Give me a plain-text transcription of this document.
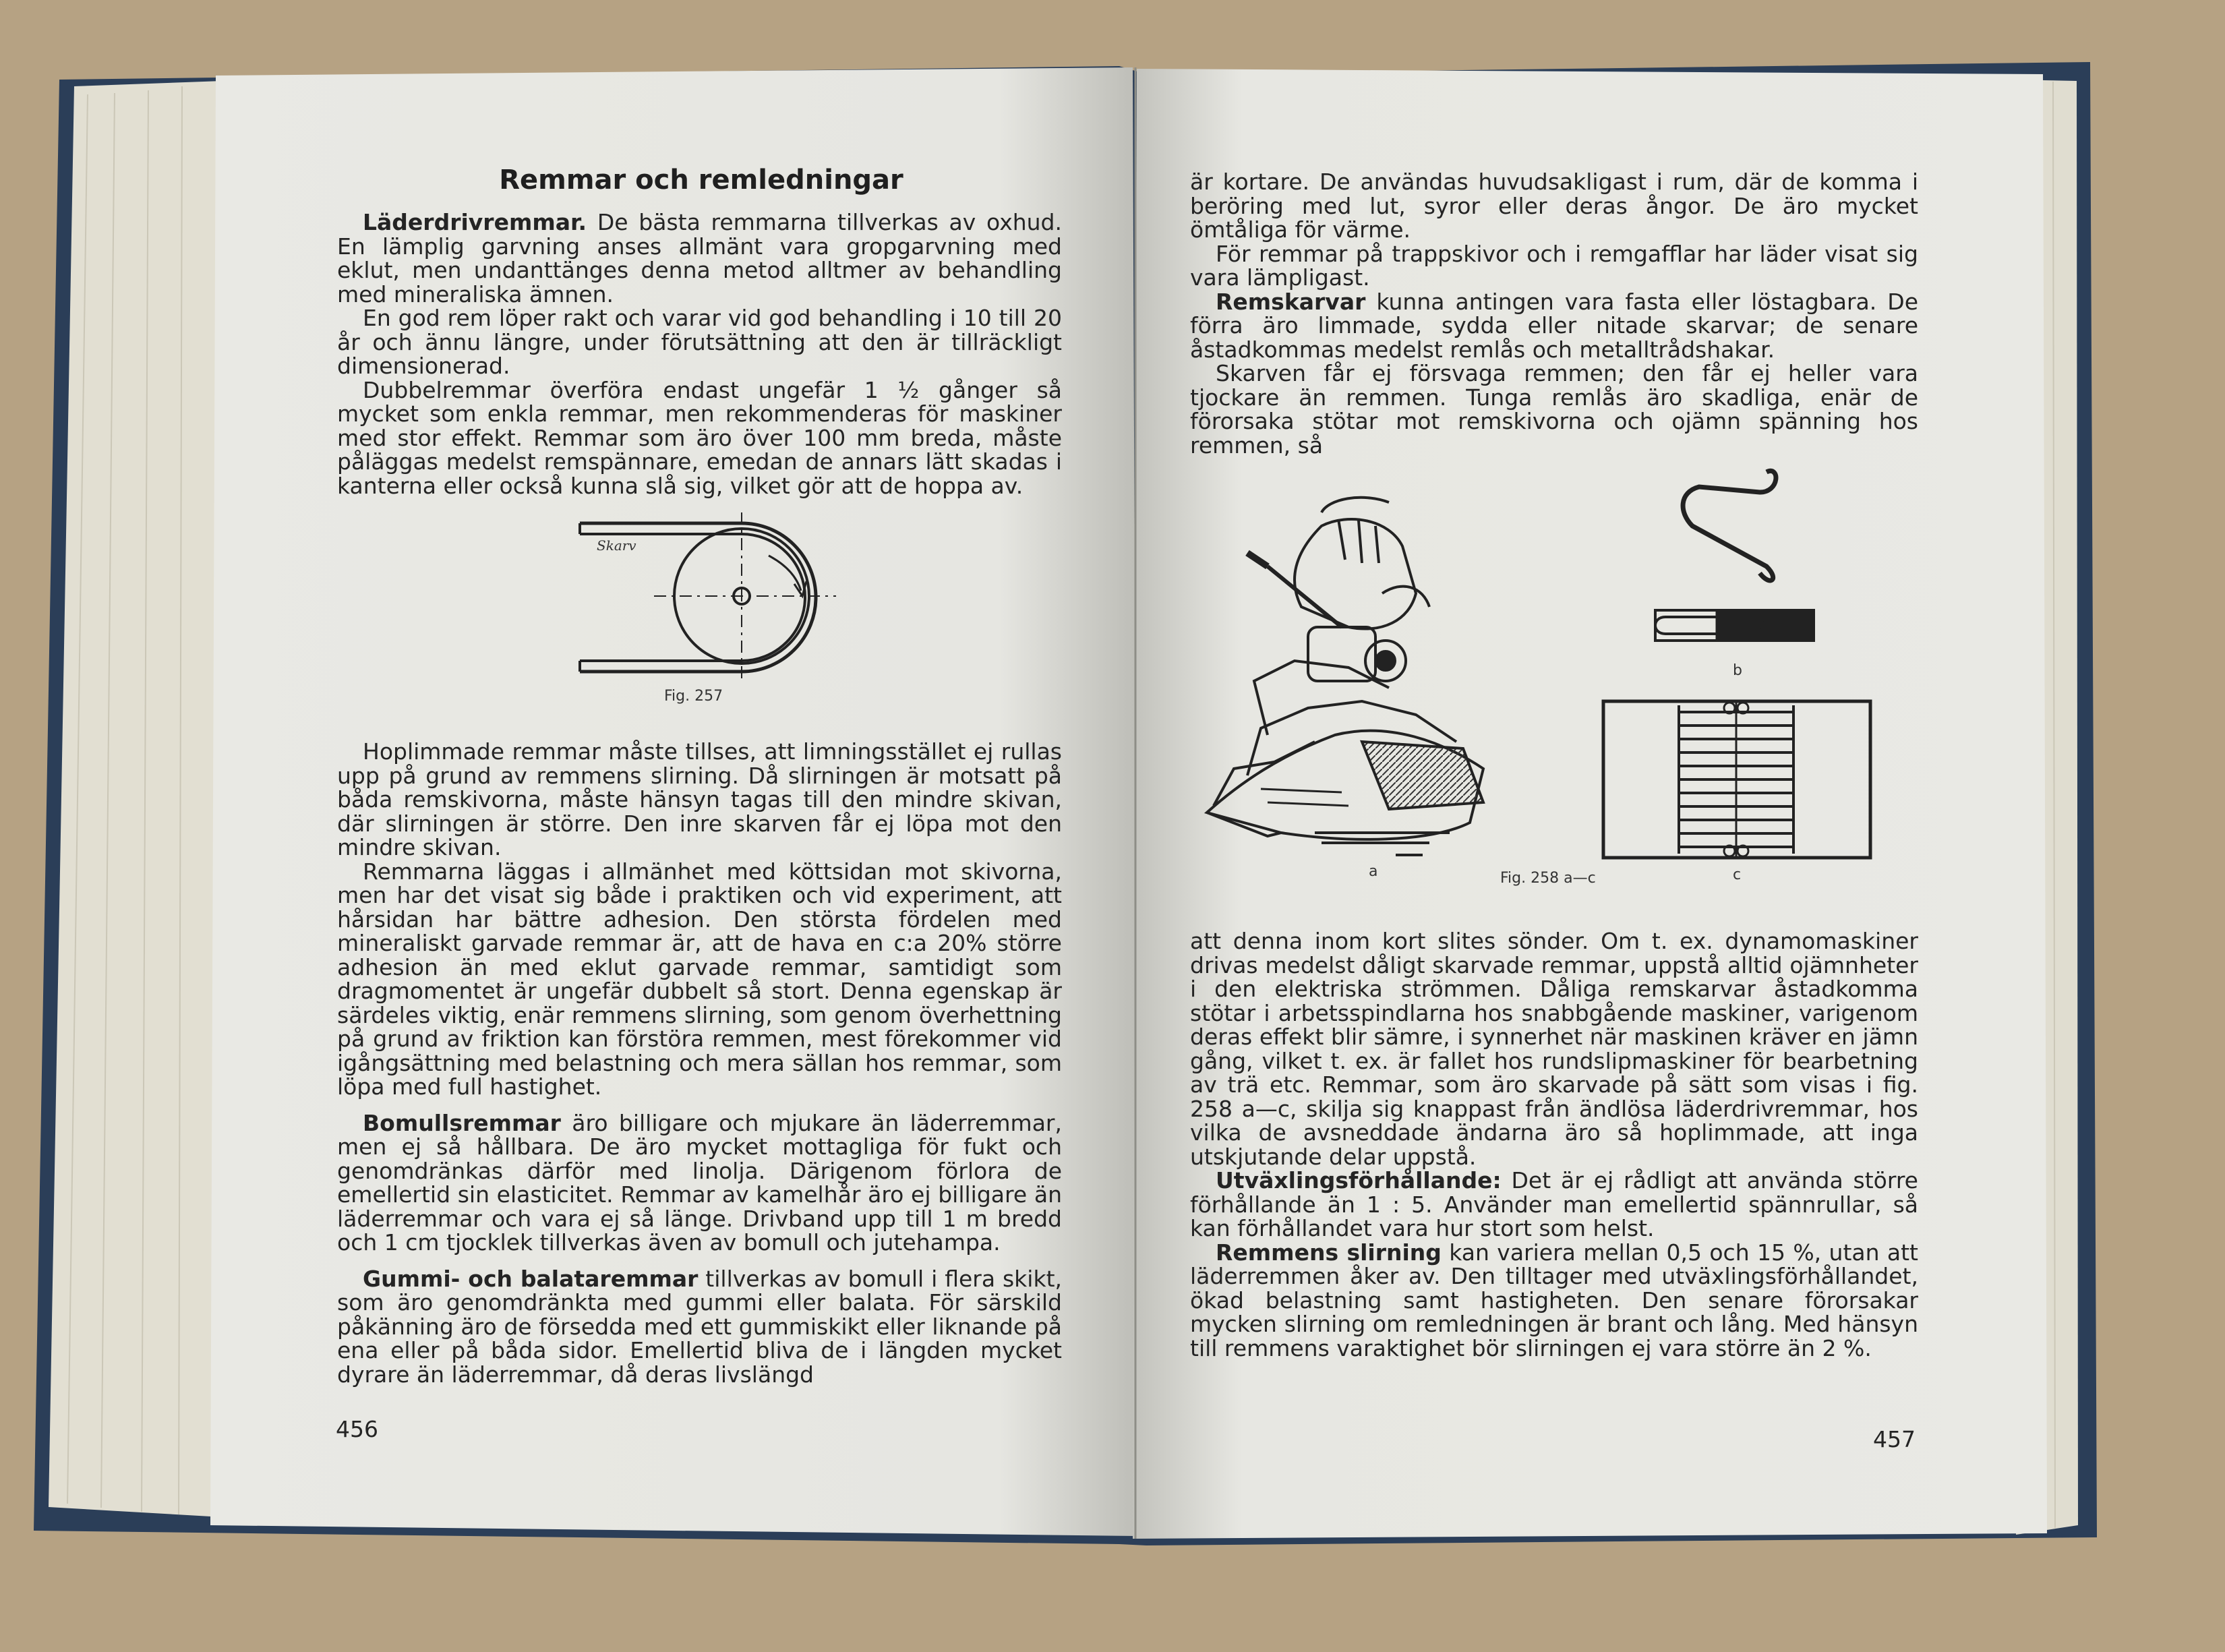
Remmar och remledningar

Läderdrivremmar. De bästa remmarna tillverkas av oxhud. En lämplig garvning anses allmänt vara gropgarvning med eklut, men undanttänges denna metod alltmer av behandling med mineraliska ämnen.

En god rem löper rakt och varar vid god behandling i 10 till 20 år och ännu längre, under förutsättning att den är tillräckligt dimensionerad.

Dubbelremmar överföra endast ungefär 1 ½ gånger så mycket som enkla remmar, men rekommenderas för maskiner med stor effekt. Remmar som äro över 100 mm breda, måste påläggas medelst remspännare, emedan de annars lätt skadas i kanterna eller också kunna slå sig, vilket gör att de hoppa av.

Skarv
Fig. 257

Hoplimmade remmar måste tillses, att limningsstället ej rullas upp på grund av remmens slirning. Då slirningen är motsatt på båda remskivorna, måste hänsyn tagas till den mindre skivan, där slirningen är större. Den inre skarven får ej löpa mot den mindre skivan.

Remmarna läggas i allmänhet med köttsidan mot skivorna, men har det visat sig både i praktiken och vid experiment, att hårsidan har bättre adhesion. Den största fördelen med mineraliskt garvade remmar är, att de hava en c:a 20% större adhesion än med eklut garvade remmar, samtidigt som dragmomentet är ungefär dubbelt så stort. Denna egenskap är särdeles viktig, enär remmens slirning, som genom överhettning på grund av friktion kan förstöra remmen, mest förekommer vid igångsättning med belastning och mera sällan hos remmar, som löpa med full hastighet.

Bomullsremmar äro billigare och mjukare än läderremmar, men ej så hållbara. De äro mycket mottagliga för fukt och genomdränkas därför med linolja. Därigenom förlora de emellertid sin elasticitet. Remmar av kamelhår äro ej billigare än läderremmar och vara ej så länge. Drivband upp till 1 m bredd och 1 cm tjocklek tillverkas även av bomull och jutehampa.

Gummi- och balataremmar tillverkas av bomull i flera skikt, som äro genomdränkta med gummi eller balata. För särskild påkänning äro de försedda med ett gummiskikt eller liknande på ena eller på båda sidor. Emellertid bliva de i längden mycket dyrare än läderremmar, då deras livslängd

456

är kortare. De användas huvudsakligast i rum, där de komma i beröring med lut, syror eller deras ångor. De äro mycket ömtåliga för värme.

För remmar på trappskivor och i remgafflar har läder visat sig vara lämpligast.

Remskarvar kunna antingen vara fasta eller löstagbara. De förra äro limmade, sydda eller nitade skarvar; de senare åstadkommas medelst remlås och metalltrådshakar.

Skarven får ej försvaga remmen; den får ej heller vara tjockare än remmen. Tunga remlås äro skadliga, enär de förorsaka stötar mot remskivorna och ojämn spänning hos remmen, så

a	Fig. 258 a—c
b
c

att denna inom kort slites sönder. Om t. ex. dynamomaskiner drivas medelst dåligt skarvade remmar, uppstå alltid ojämnheter i den elektriska strömmen. Dåliga remskarvar åstadkomma stötar i arbetsspindlarna hos snabbgående maskiner, varigenom deras effekt blir sämre, i synnerhet när maskinen kräver en jämn gång, vilket t. ex. är fallet hos rundslipmaskiner för bearbetning av trä etc. Remmar, som äro skarvade på sätt som visas i fig. 258 a—c, skilja sig knappast från ändlösa läderdrivremmar, hos vilka de avsneddade ändarna äro så hoplimmade, att inga utskjutande delar uppstå.

Utväxlingsförhållande: Det är ej rådligt att använda större förhållande än 1 : 5. Använder man emellertid spännrullar, så kan förhållandet vara hur stort som helst.

Remmens slirning kan variera mellan 0,5 och 15 %, utan att läderremmen åker av. Den tilltager med utväxlingsförhållandet, ökad belastning samt hastigheten. Den senare förorsakar mycken slirning om remledningen är brant och lång. Med hänsyn till remmens varaktighet bör slirningen ej vara större än 2 %.

457
